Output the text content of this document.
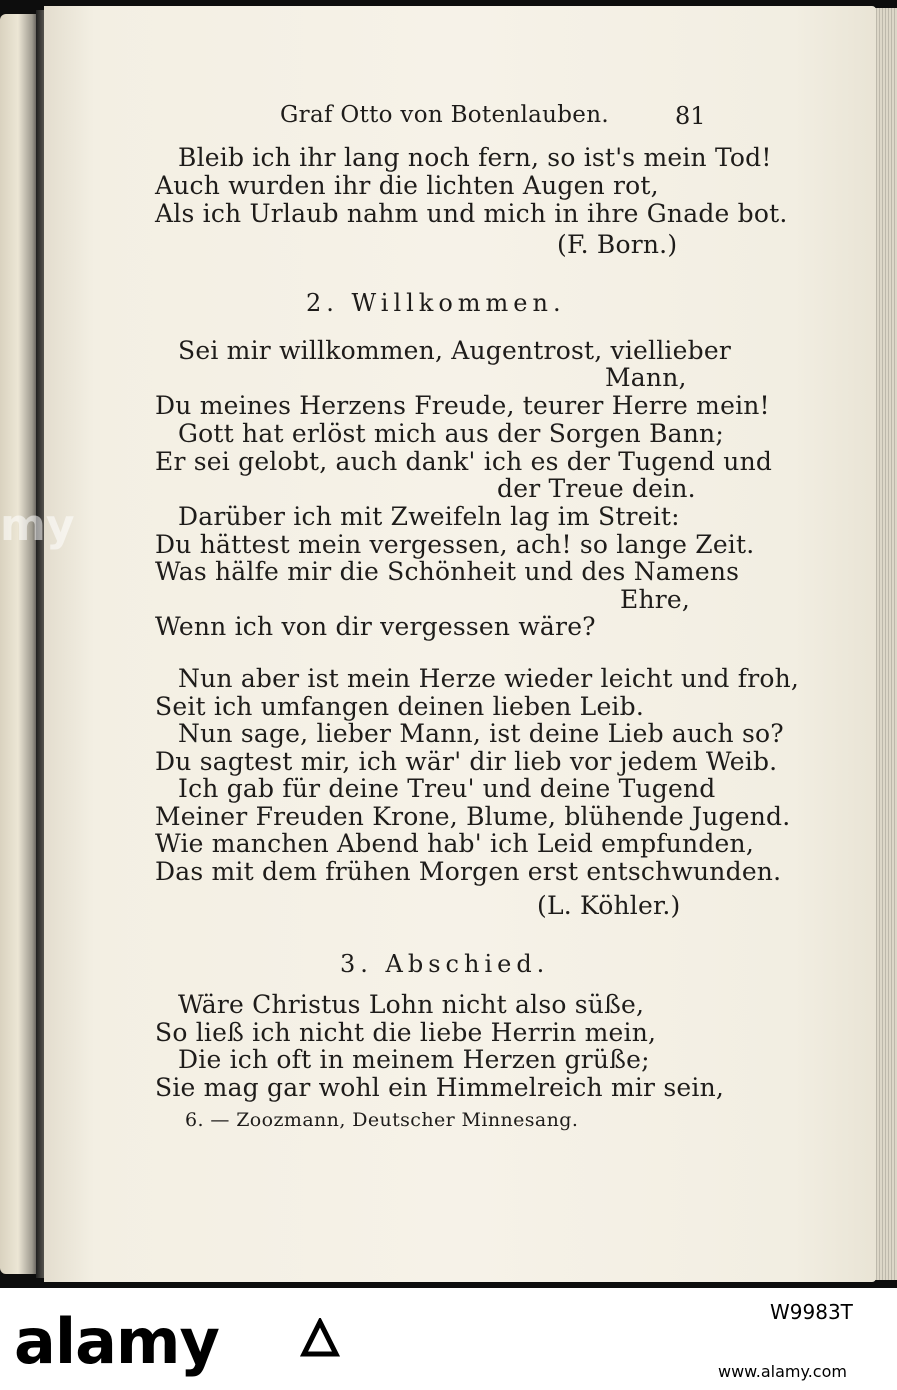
my
Graf Otto von Botenlauben.	81
Bleib ich ihr lang noch fern, so ist's mein Tod!
Auch wurden ihr die lichten Augen rot,
Als ich Urlaub nahm und mich in ihre Gnade bot.
(F. Born.)
2. Willkommen.
Sei mir willkommen, Augentrost, viellieber
Mann,
Du meines Herzens Freude, teurer Herre mein!
Gott hat erlöst mich aus der Sorgen Bann;
Er sei gelobt, auch dank' ich es der Tugend und
der Treue dein.
Darüber ich mit Zweifeln lag im Streit:
Du hättest mein vergessen, ach! so lange Zeit.
Was hälfe mir die Schönheit und des Namens
Ehre,
Wenn ich von dir vergessen wäre?
Nun aber ist mein Herze wieder leicht und froh,
Seit ich umfangen deinen lieben Leib.
Nun sage, lieber Mann, ist deine Lieb auch so?
Du sagtest mir, ich wär' dir lieb vor jedem Weib.
Ich gab für deine Treu' und deine Tugend
Meiner Freuden Krone, Blume, blühende Jugend.
Wie manchen Abend hab' ich Leid empfunden,
Das mit dem frühen Morgen erst entschwunden.
(L. Köhler.)
3. Abschied.
Wäre Christus Lohn nicht also süße,
So ließ ich nicht die liebe Herrin mein,
Die ich oft in meinem Herzen grüße;
Sie mag gar wohl ein Himmelreich mir sein,
6. — Zoozmann, Deutscher Minnesang.
alamy	W9983T
www.alamy.com
